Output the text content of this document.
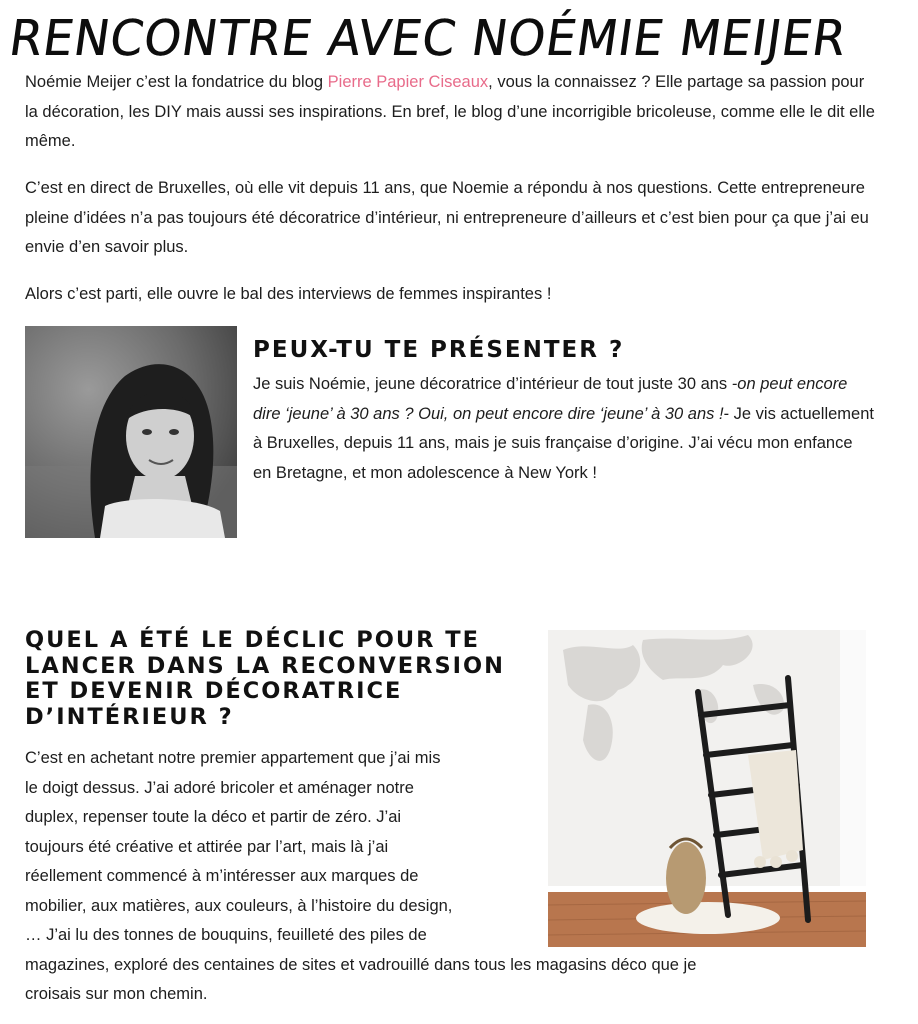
RENCONTRE AVEC NOÉMIE MEIJER

Noémie Meijer c’est la fondatrice du blog Pierre Papier Ciseaux, vous la connaissez ? Elle partage sa passion pour la décoration, les DIY mais aussi ses inspirations. En bref, le blog d’une incorrigible bricoleuse, comme elle le dit elle même.

C’est en direct de Bruxelles, où elle vit depuis 11 ans, que Noemie a répondu à nos questions. Cette entrepreneure pleine d’idées n’a pas toujours été décoratrice d’intérieur, ni entrepreneure d’ailleurs et c’est bien pour ça que j’ai eu envie d’en savoir plus.

Alors c’est parti, elle ouvre le bal des interviews de femmes inspirantes !

PEUX-TU TE PRÉSENTER ?

Je suis Noémie, jeune décoratrice d’intérieur de tout juste 30 ans -on peut encore dire ‘jeune’ à 30 ans ? Oui, on peut encore dire ‘jeune’ à 30 ans !- Je vis actuellement à Bruxelles, depuis 11 ans, mais je suis française d’origine. J’ai vécu mon enfance en Bretagne, et mon adolescence à New York !

QUEL A ÉTÉ LE DÉCLIC POUR TE LANCER DANS LA RECONVERSION ET DEVENIR DÉCORATRICE D’INTÉRIEUR ?

C’est en achetant notre premier appartement que j’ai mis
le doigt dessus. J’ai adoré bricoler et aménager notre
duplex, repenser toute la déco et partir de zéro. J’ai
toujours été créative et attirée par l’art, mais là j’ai
réellement commencé à m’intéresser aux marques de
mobilier, aux matières, aux couleurs, à l’histoire du design,
… J’ai lu des tonnes de bouquins, feuilleté des piles de
magazines, exploré des centaines de sites et vadrouillé dans tous les magasins déco que je
croisais sur mon chemin.
